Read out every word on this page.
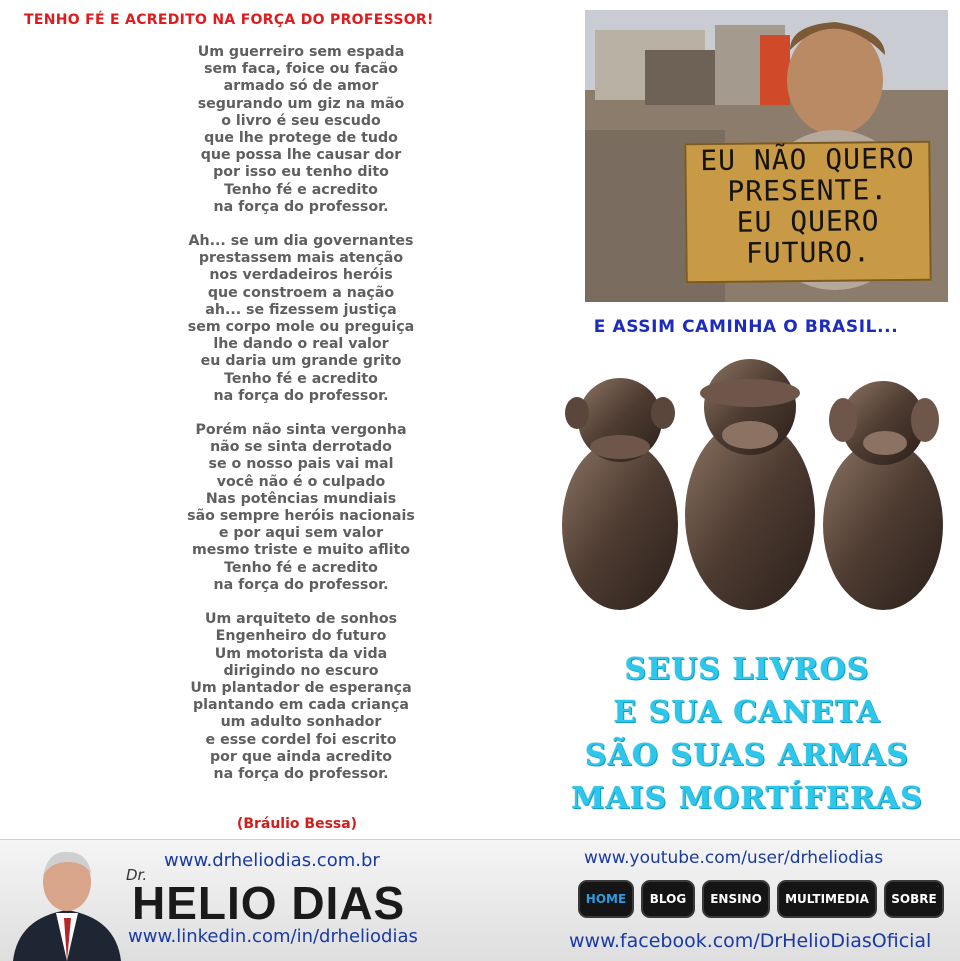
TENHO FÉ E ACREDITO NA FORÇA DO PROFESSOR!
Um guerreiro sem espada
sem faca, foice ou facão
armado só de amor
segurando um giz na mão
o livro é seu escudo
que lhe protege de tudo
que possa lhe causar dor
por isso eu tenho dito
Tenho fé e acredito
na força do professor.
Ah... se um dia governantes
prestassem mais atenção
nos verdadeiros heróis
que constroem a nação
ah... se fizessem justiça
sem corpo mole ou preguiça
lhe dando o real valor
eu daria um grande grito
Tenho fé e acredito
na força do professor.
Porém não sinta vergonha
não se sinta derrotado
se o nosso pais vai mal
você não é o culpado
Nas potências mundiais
são sempre heróis nacionais
e por aqui sem valor
mesmo triste e muito aflito
Tenho fé e acredito
na força do professor.
Um arquiteto de sonhos
Engenheiro do futuro
Um motorista da vida
dirigindo no escuro
Um plantador de esperança
plantando em cada criança
um adulto sonhador
e esse cordel foi escrito
por que ainda acredito
na força do professor.
(Bráulio Bessa)
EU NÃO QUERO
PRESENTE.
EU QUERO
FUTURO.
E ASSIM CAMINHA O BRASIL...
SEUS LIVROS
E SUA CANETA
SÃO SUAS ARMAS
MAIS MORTÍFERAS
www.drheliodias.com.br
Dr.
HELIO DIAS
www.linkedin.com/in/drheliodias
www.youtube.com/user/drheliodias
HOME	BLOG	ENSINO	MULTIMEDIA	SOBRE
www.facebook.com/DrHelioDiasOficial
